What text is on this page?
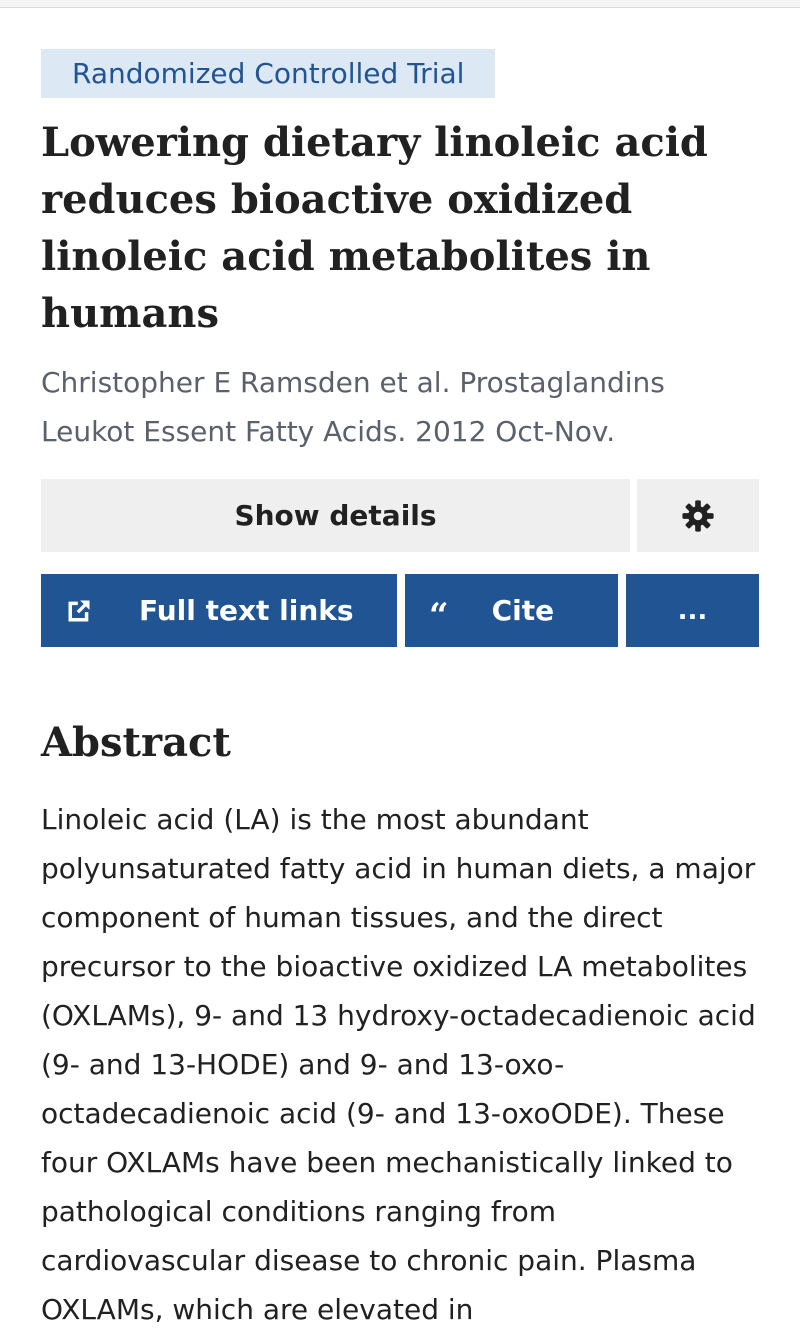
Randomized Controlled Trial
Lowering dietary linoleic acid reduces bioactive oxidized linoleic acid metabolites in humans

Christopher E Ramsden et al. Prostaglandins Leukot Essent Fatty Acids. 2012 Oct-Nov.

Show details
Full text links “ Cite	...
Abstract

Linoleic acid (LA) is the most abundant polyunsaturated fatty acid in human diets, a major component of human tissues, and the direct precursor to the bioactive oxidized LA metabolites (OXLAMs), 9- and 13 hydroxy-octadecadienoic acid (9- and 13-HODE) and 9- and 13-oxo-octadecadienoic acid (9- and 13-oxoODE). These four OXLAMs have been mechanistically linked to pathological conditions ranging from cardiovascular disease to chronic pain. Plasma OXLAMs, which are elevated in
